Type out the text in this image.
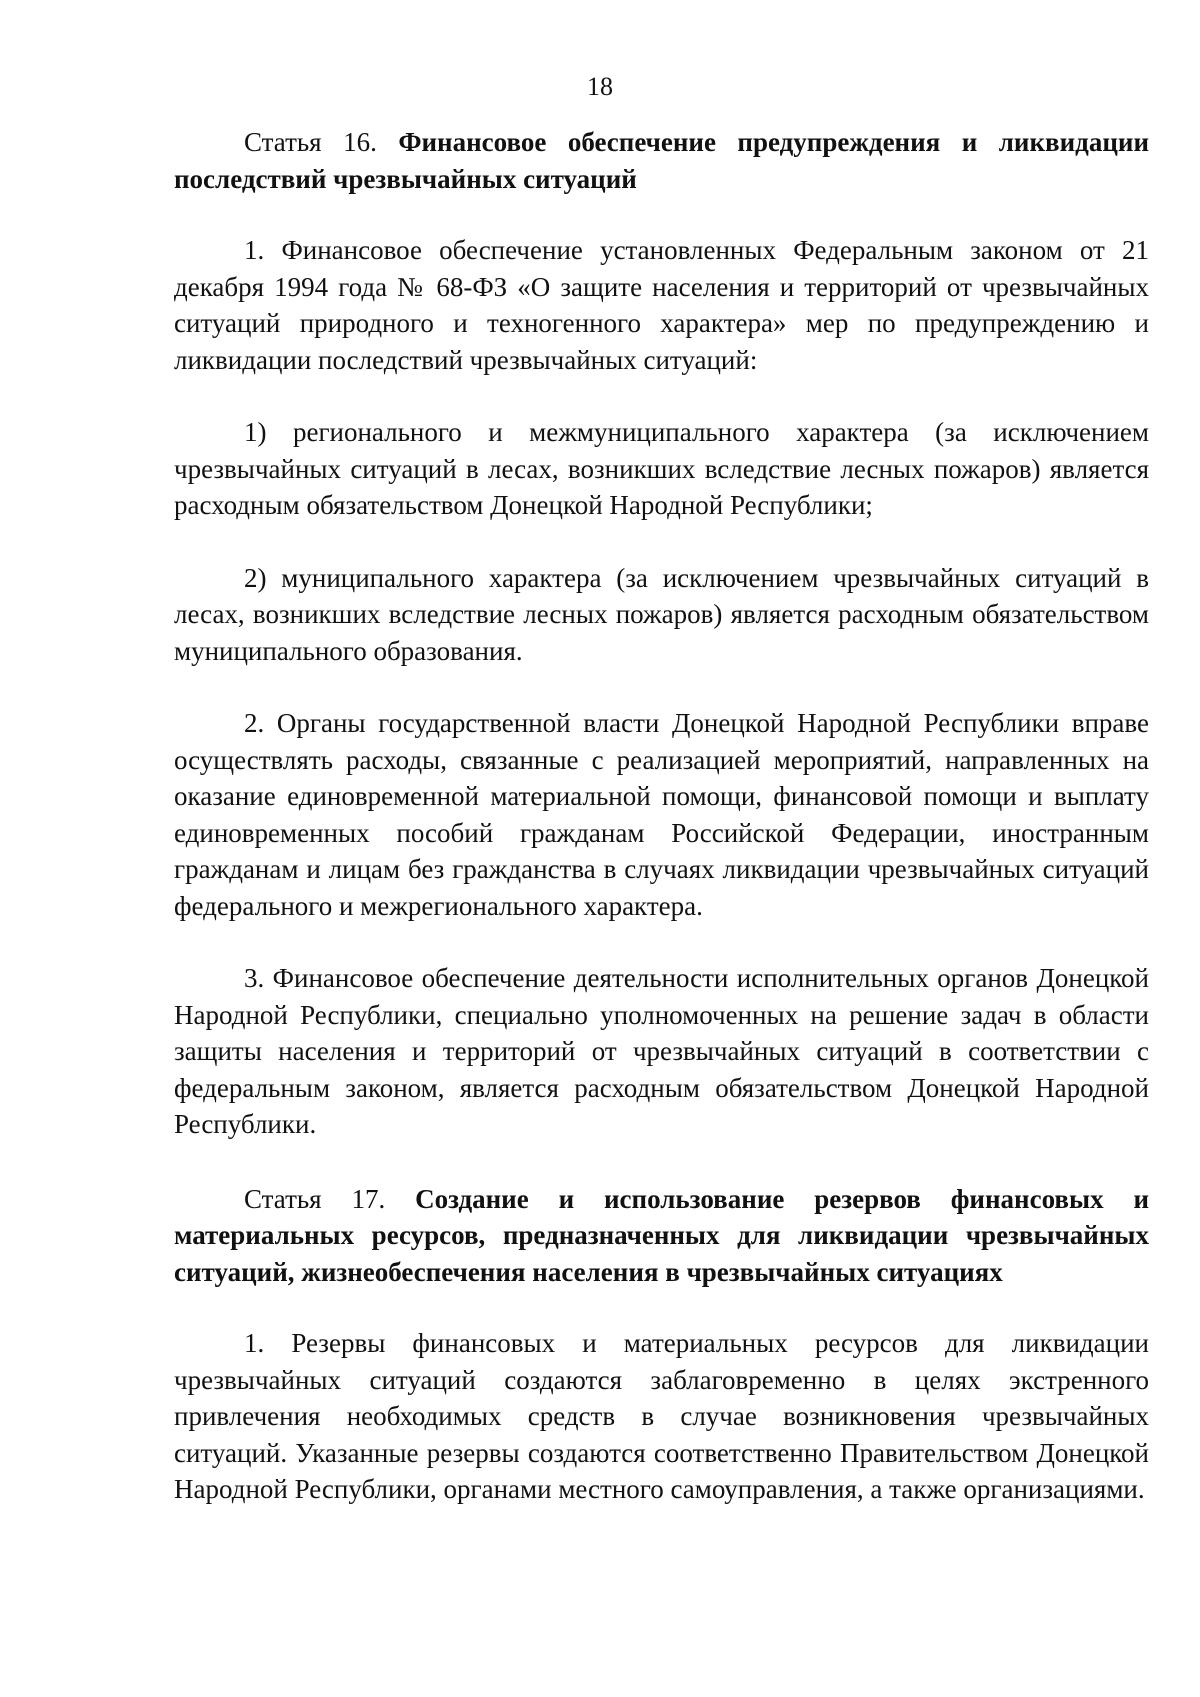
18
Статья 16. Финансовое обеспечение предупреждения и ликвидации последствий чрезвычайных ситуаций

1. Финансовое обеспечение установленных Федеральным законом от 21 декабря 1994 года № 68-ФЗ «О защите населения и территорий от чрезвычайных ситуаций природного и техногенного характера» мер по предупреждению и ликвидации последствий чрезвычайных ситуаций:

1) регионального и межмуниципального характера (за исключением чрезвычайных ситуаций в лесах, возникших вследствие лесных пожаров) является расходным обязательством Донецкой Народной Республики;

2) муниципального характера (за исключением чрезвычайных ситуаций в лесах, возникших вследствие лесных пожаров) является расходным обязательством муниципального образования.

2. Органы государственной власти Донецкой Народной Республики вправе осуществлять расходы, связанные с реализацией мероприятий, направленных на оказание единовременной материальной помощи, финансовой помощи и выплату единовременных пособий гражданам Российской Федерации, иностранным гражданам и лицам без гражданства в случаях ликвидации чрезвычайных ситуаций федерального и межрегионального характера.

3. Финансовое обеспечение деятельности исполнительных органов Донецкой Народной Республики, специально уполномоченных на решение задач в области защиты населения и территорий от чрезвычайных ситуаций в соответствии с федеральным законом, является расходным обязательством Донецкой Народной Республики.

Статья 17. Создание и использование резервов финансовых и материальных ресурсов, предназначенных для ликвидации чрезвычайных ситуаций, жизнеобеспечения населения в чрезвычайных ситуациях

1. Резервы финансовых и материальных ресурсов для ликвидации чрезвычайных ситуаций создаются заблаговременно в целях экстренного привлечения необходимых средств в случае возникновения чрезвычайных ситуаций. Указанные резервы создаются соответственно Правительством Донецкой Народной Республики, органами местного самоуправления, а также организациями.
